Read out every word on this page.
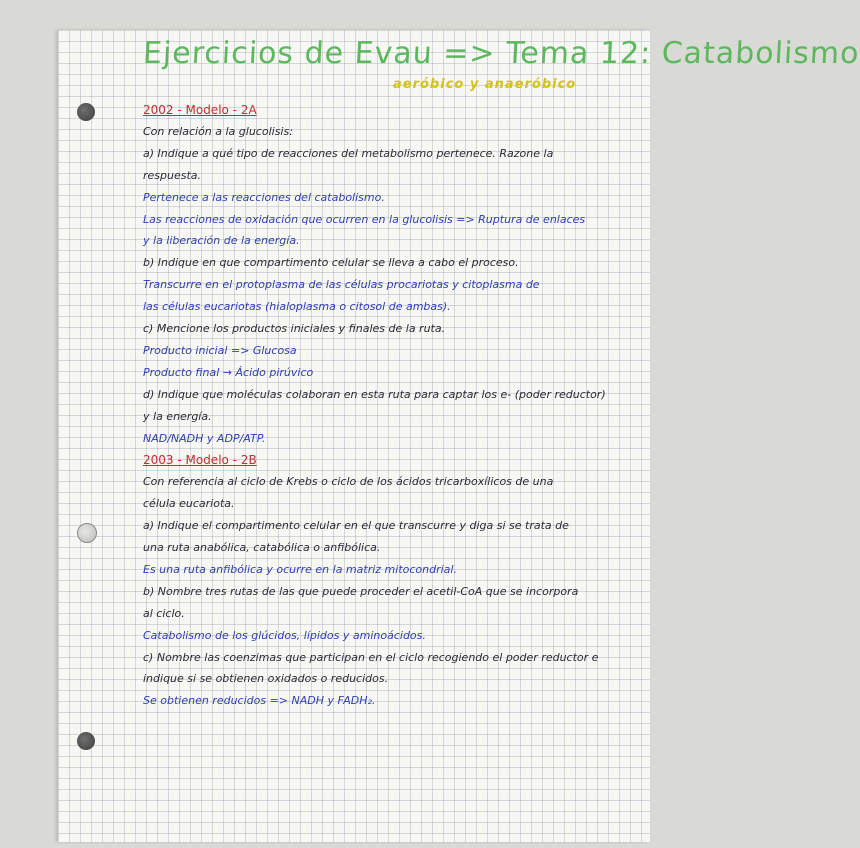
Ejercicios de Evau => Tema 12: Catabolismo
aeróbico y anaeróbico
2002 - Modelo - 2A
Con relación a la glucolisis:
a) Indique a qué tipo de reacciones del metabolismo pertenece. Razone la
respuesta.
Pertenece a las reacciones del catabolismo.
Las reacciones de oxidación que ocurren en la glucolisis => Ruptura de enlaces
y la liberación de la energía.
b) Indique en que compartimento celular se lleva a cabo el proceso.
Transcurre en el protoplasma de las células procariotas y citoplasma de
las células eucariotas (hialoplasma o citosol de ambas).
c) Mencione los productos iniciales y finales de la ruta.
Producto inicial => Glucosa
Producto final → Ácido pirúvico
d) Indique que moléculas colaboran en esta ruta para captar los e- (poder reductor)
y la energía.
NAD/NADH y ADP/ATP.
2003 - Modelo - 2B
Con referencia al ciclo de Krebs o ciclo de los ácidos tricarboxílicos de una
célula eucariota.
a) Indique el compartimento celular en el que transcurre y diga si se trata de
una ruta anabólica, catabólica o anfibólica.
Es una ruta anfibólica y ocurre en la matriz mitocondrial.
b) Nombre tres rutas de las que puede proceder el acetil-CoA que se incorpora
al ciclo.
Catabolismo de los glúcidos, lípidos y aminoácidos.
c) Nombre las coenzimas que participan en el ciclo recogiendo el poder reductor e
indique si se obtienen oxidados o reducidos.
Se obtienen reducidos => NADH y FADH₂.
